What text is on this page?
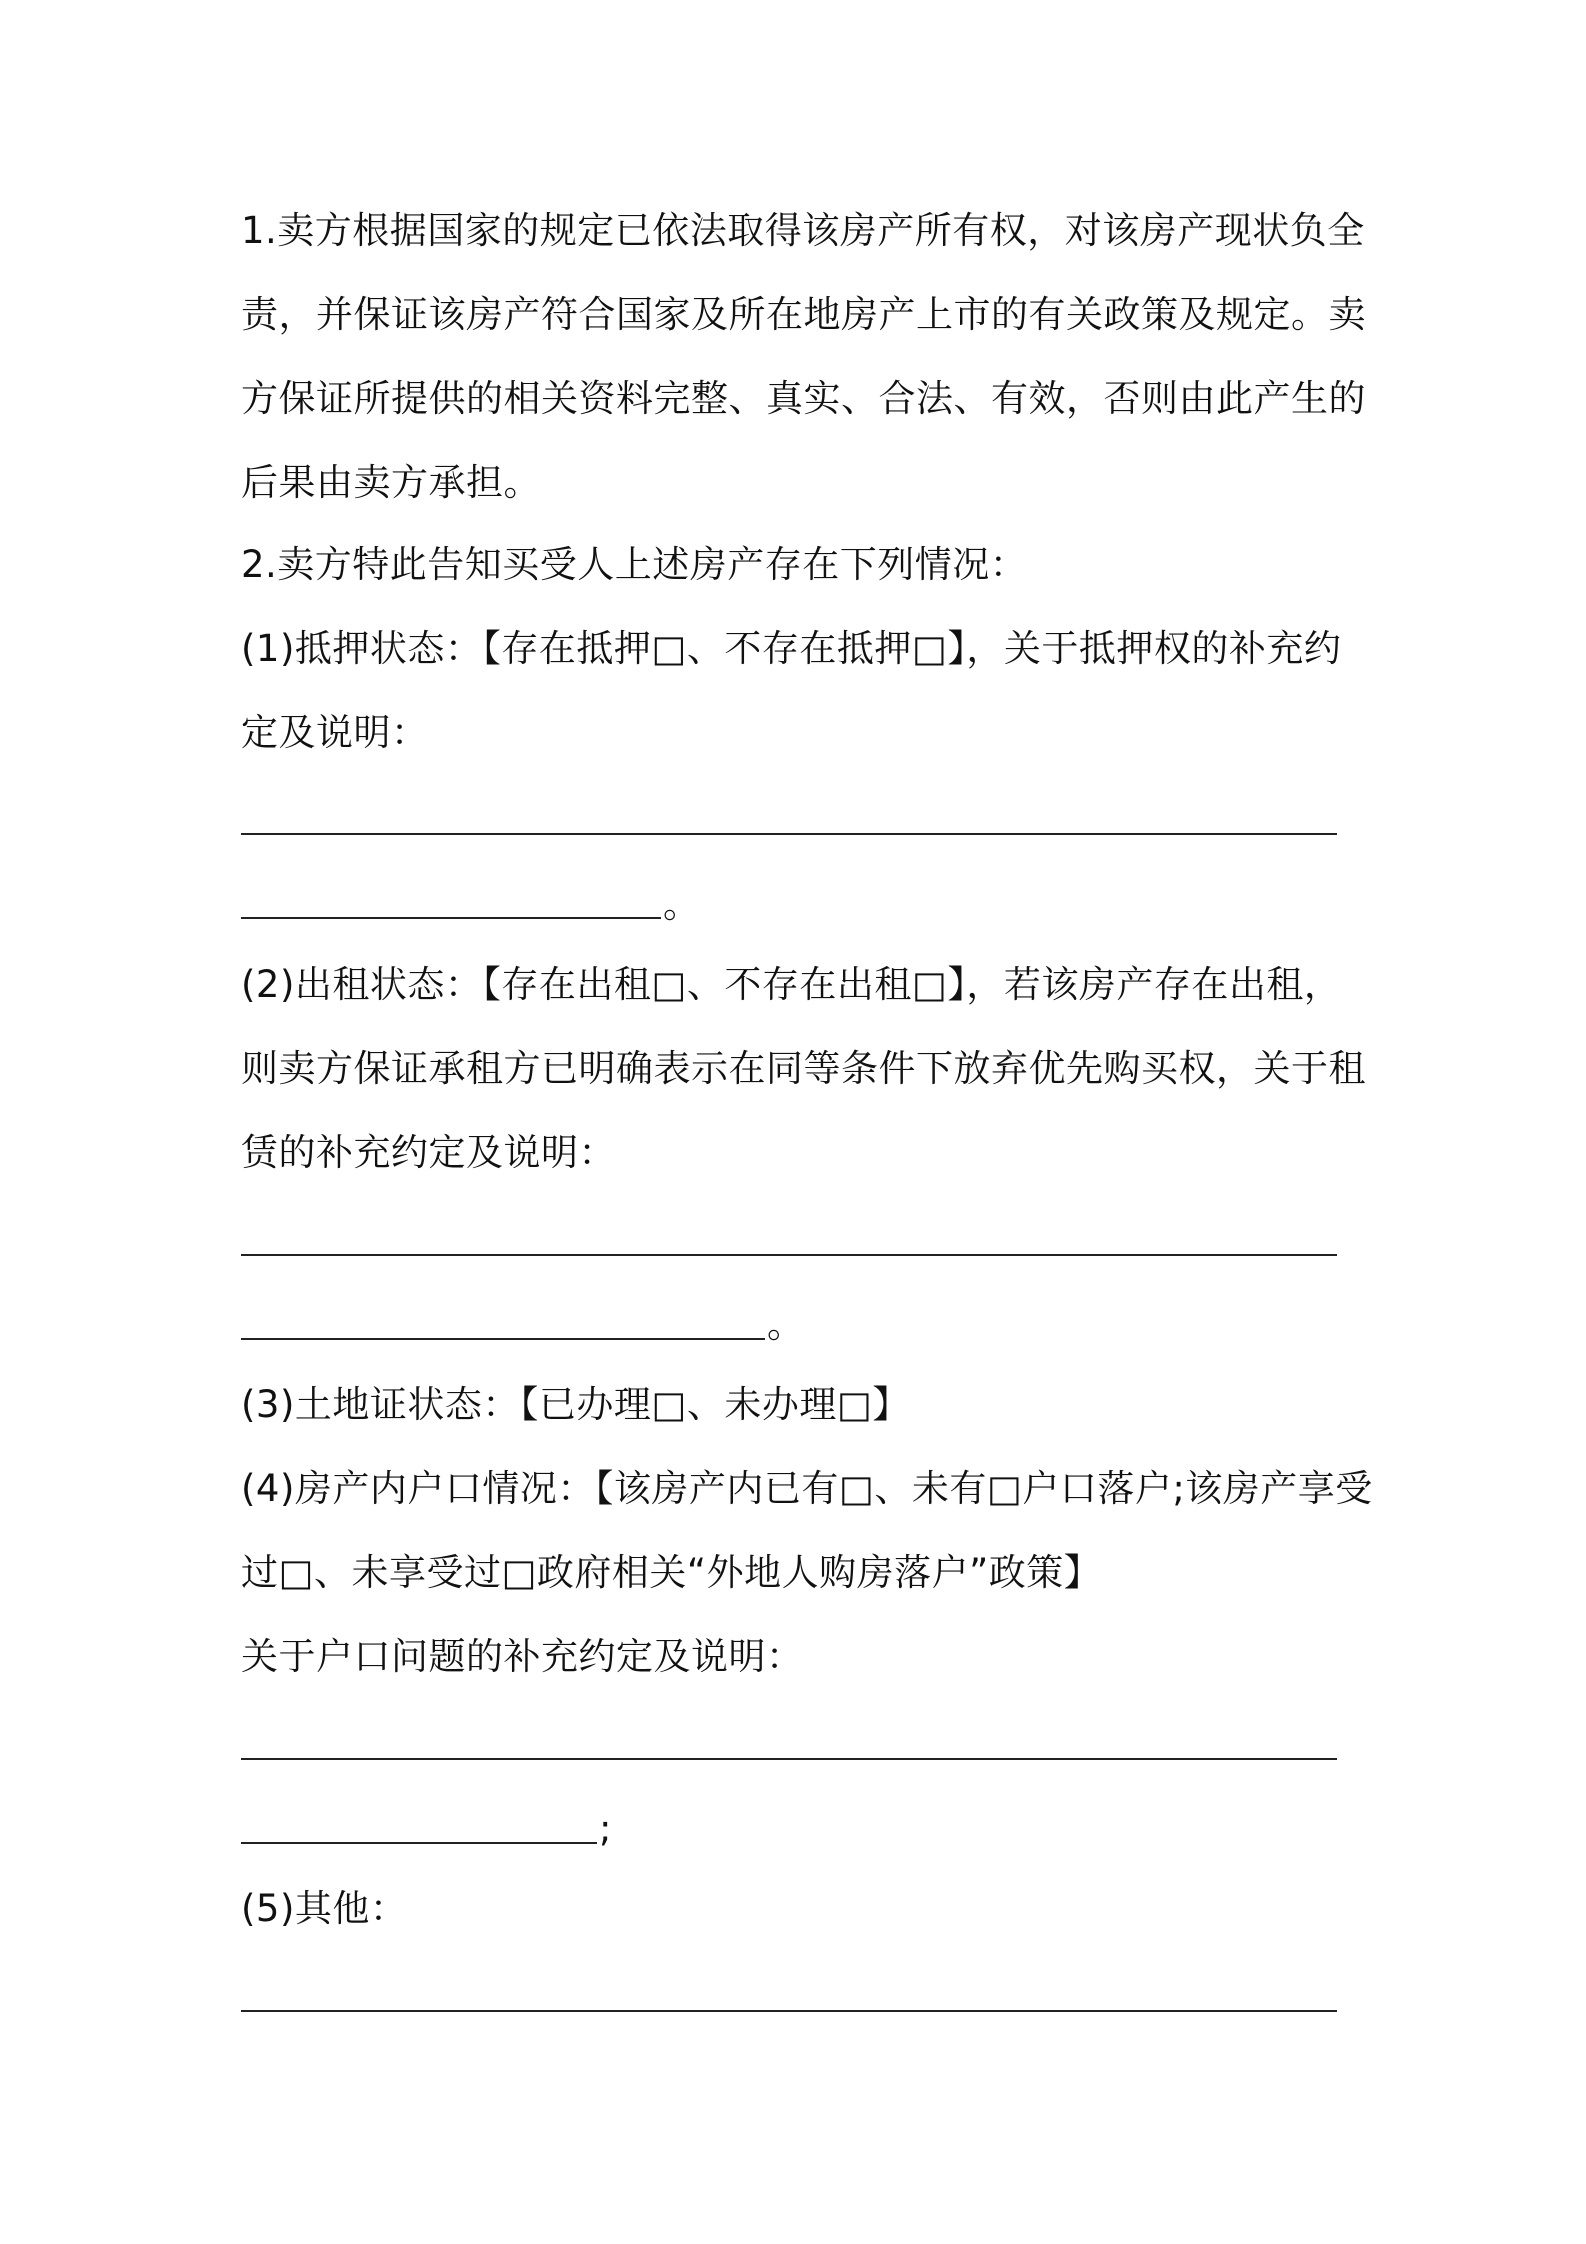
1.卖方根据国家的规定已依法取得该房产所有权，对该房产现状负全
责，并保证该房产符合国家及所在地房产上市的有关政策及规定。卖
方保证所提供的相关资料完整、真实、合法、有效，否则由此产生的
后果由卖方承担。
2.卖方特此告知买受人上述房产存在下列情况：
(1)抵押状态：【存在抵押□、不存在抵押□】，关于抵押权的补充约
定及说明：
。
(2)出租状态：【存在出租□、不存在出租□】，若该房产存在出租，
则卖方保证承租方已明确表示在同等条件下放弃优先购买权，关于租
赁的补充约定及说明：
。
(3)土地证状态：【已办理□、未办理□】
(4)房产内户口情况：【该房产内已有□、未有□户口落户;该房产享受
过□、未享受过□政府相关“外地人购房落户”政策】
关于户口问题的补充约定及说明：
;
(5)其他：
